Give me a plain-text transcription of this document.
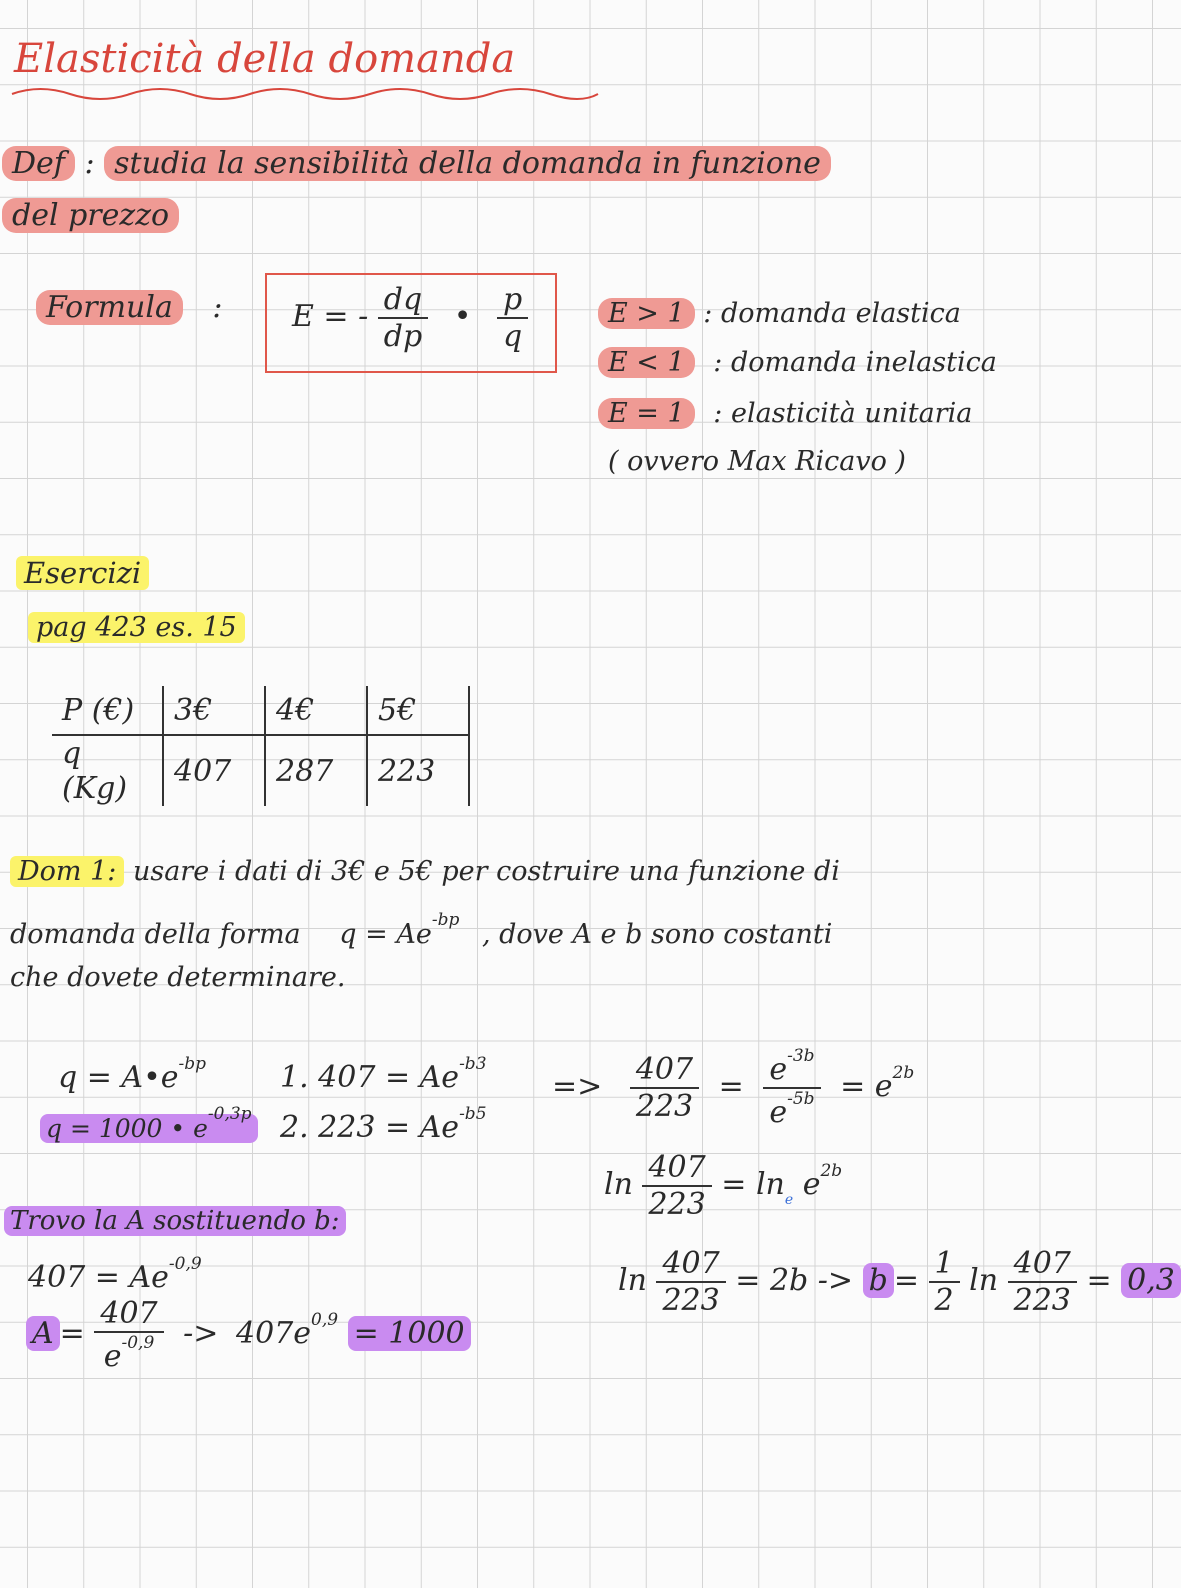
Elasticità della domanda
Def : studia la sensibilità della domanda in funzione
del prezzo
Formula : E = - $\frac{dq}{dp}$ • $\frac{p}{q}$	E > 1 : domanda elastica
E < 1 : domanda inelastica
E = 1 : elasticità unitaria
( ovvero Max Ricavo )
Esercizi
pag 423 es. 15
P (€)	3€	4€	5€
q (Kg)	407	287	223
Dom 1: usare i dati di 3€ e 5€ per costruire una funzione di
domanda della forma $q = Ae^{-bp}$ , dove A e b sono costanti
che dovete determinare.
$q = A•e^{-bp}$
q = 1000 • $e^{-0,3p}$
1. $407 = Ae^{-b3}$
2. $223 = Ae^{-b5}$
=> $\frac{407}{223} = \frac{e^{-3b}}{e^{-5b}} = e^{2b}$
$\ln \frac{407}{223} = \ln_e e^{2b}$
$\ln \frac{407}{223} = 2b -> b = \frac{1}{2}$ $\ln \frac{407}{223} = 0,3$
Trovo la A sostituendo b:
$407 = Ae^{-0,9}$
$A = \frac{407}{e^{-0,9}} -> 407e^{0,9} = 1000$
